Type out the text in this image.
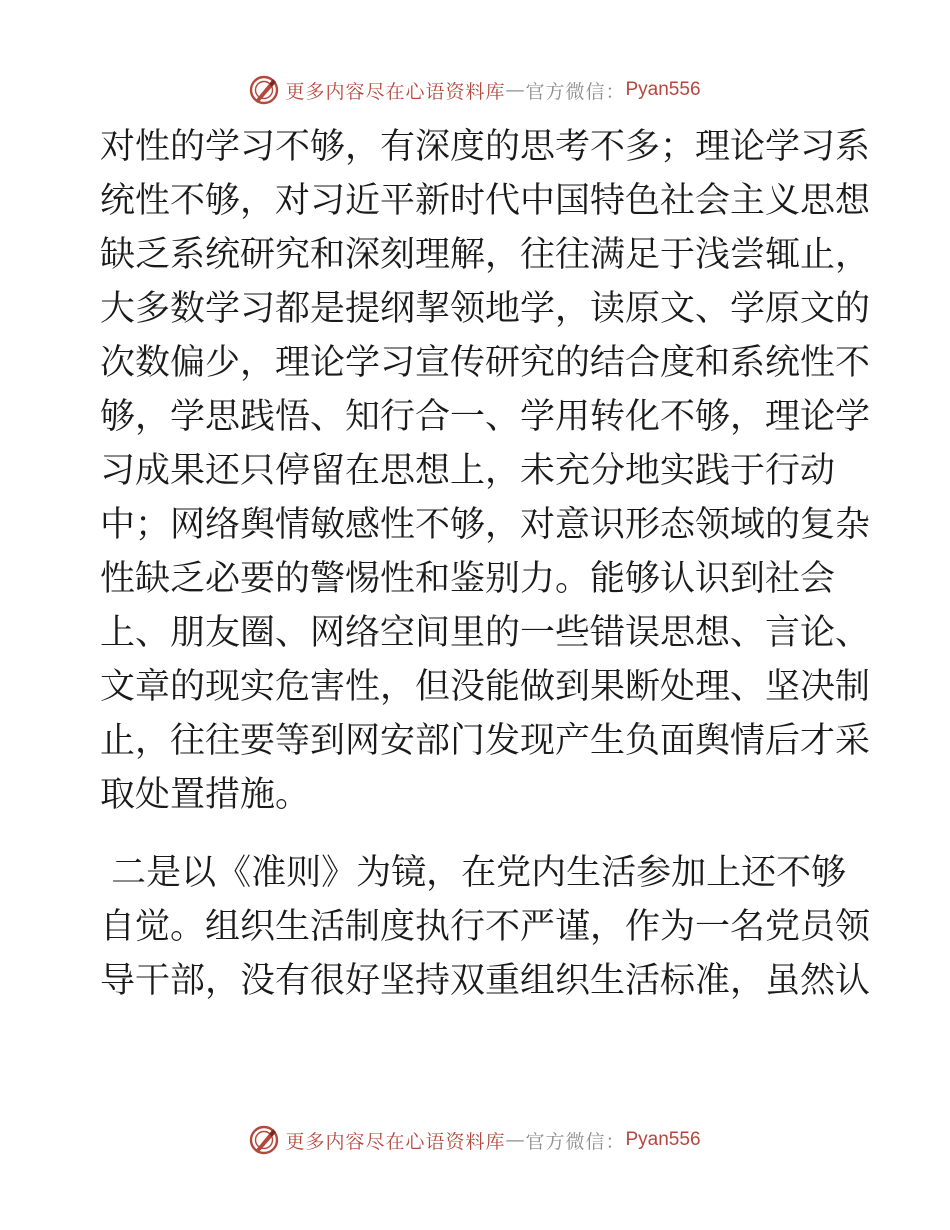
更多内容尽在心语资料库 — 官方微信： Pyan556
对性的学习不够，有深度的思考不多；理论学习系
统性不够，对习近平新时代中国特色社会主义思想
缺乏系统研究和深刻理解，往往满足于浅尝辄止，
大多数学习都是提纲挈领地学，读原文、学原文的
次数偏少，理论学习宣传研究的结合度和系统性不
够，学思践悟、知行合一、学用转化不够，理论学
习成果还只停留在思想上，未充分地实践于行动
中；网络舆情敏感性不够，对意识形态领域的复杂
性缺乏必要的警惕性和鉴别力。能够认识到社会
上、朋友圈、网络空间里的一些错误思想、言论、
文章的现实危害性，但没能做到果断处理、坚决制
止，往往要等到网安部门发现产生负面舆情后才采
取处置措施。
二是以《准则》为镜，在党内生活参加上还不够
自觉。组织生活制度执行不严谨，作为一名党员领
导干部，没有很好坚持双重组织生活标准，虽然认
更多内容尽在心语资料库 — 官方微信： Pyan556
